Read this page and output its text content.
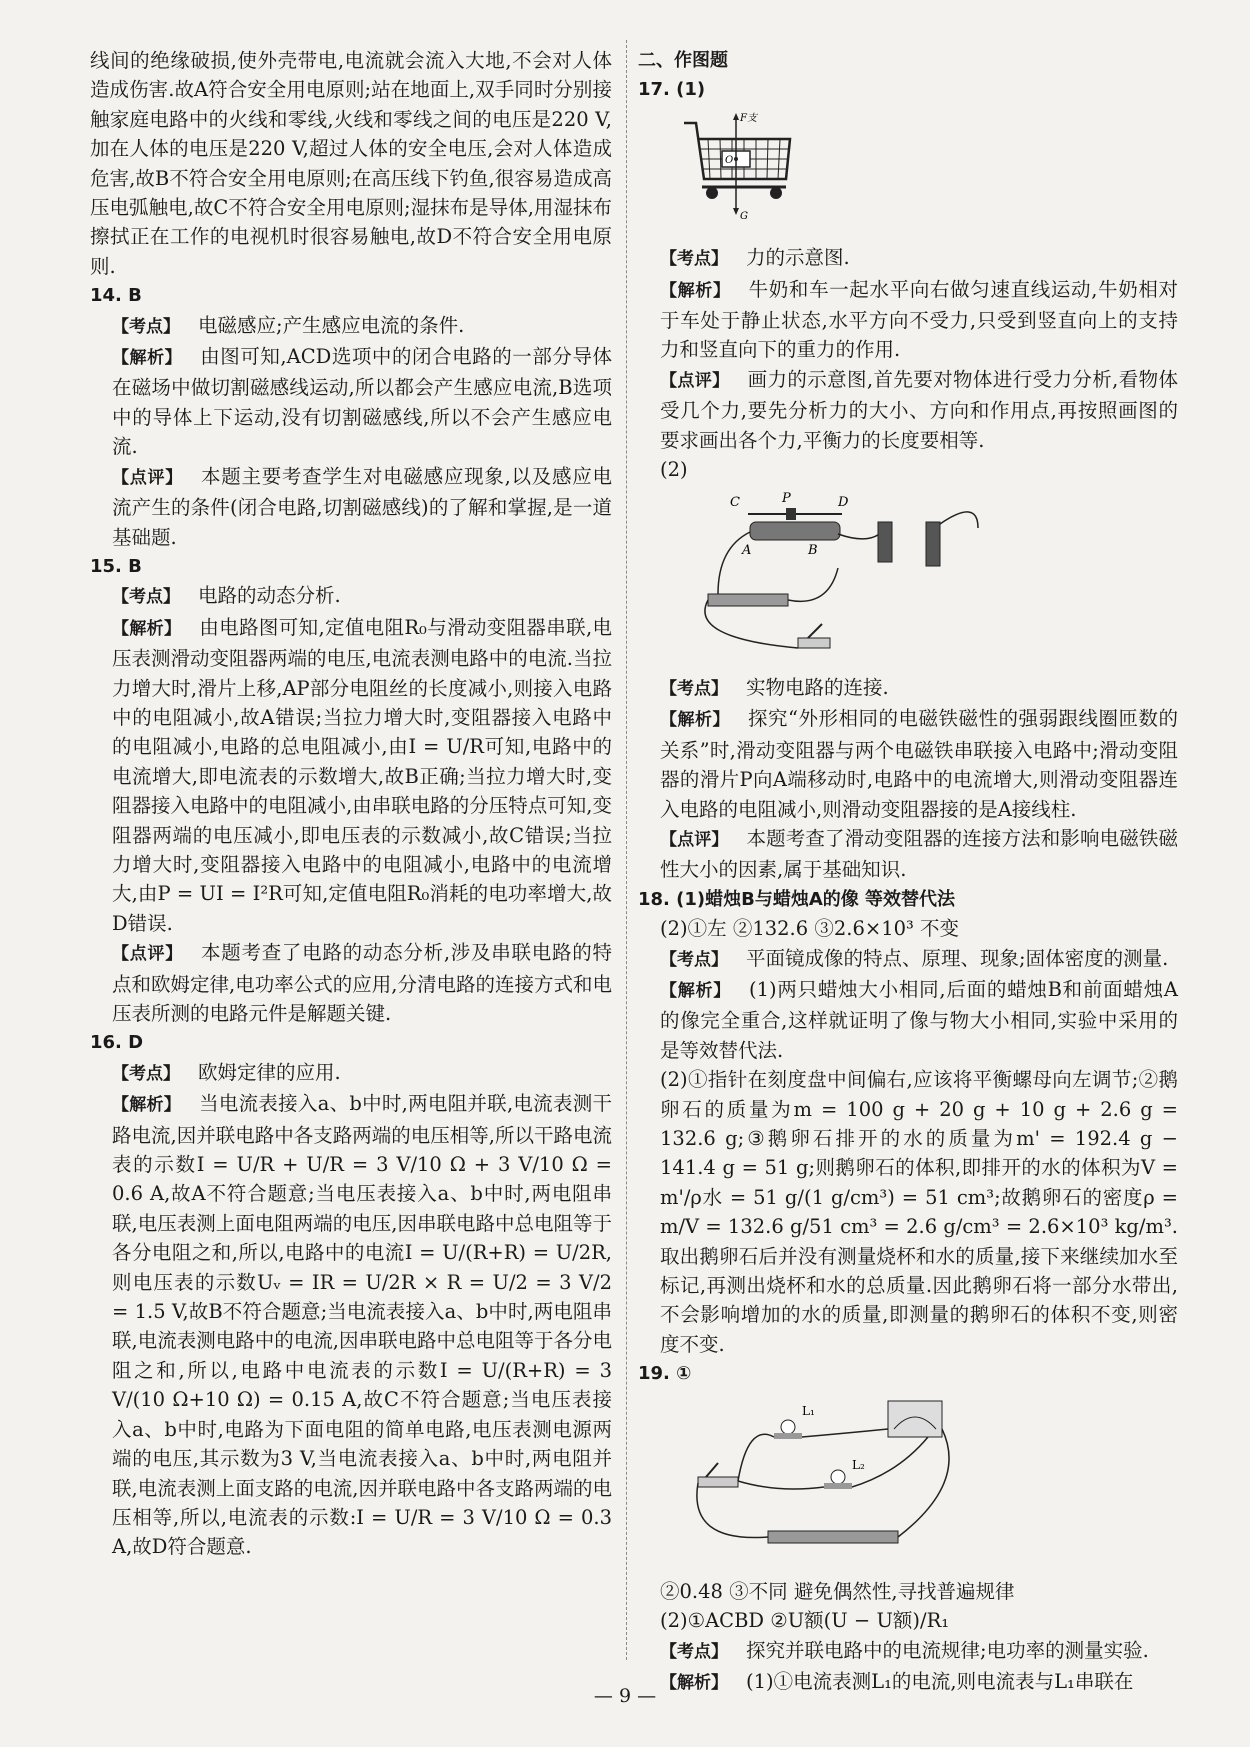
线间的绝缘破损,使外壳带电,电流就会流入大地,不会对人体造成伤害.故A符合安全用电原则;站在地面上,双手同时分别接触家庭电路中的火线和零线,火线和零线之间的电压是220 V,加在人体的电压是220 V,超过人体的安全电压,会对人体造成危害,故B不符合安全用电原则;在高压线下钓鱼,很容易造成高压电弧触电,故C不符合安全用电原则;湿抹布是导体,用湿抹布擦拭正在工作的电视机时很容易触电,故D不符合安全用电原则.

14. B

【考点】 电磁感应;产生感应电流的条件.

【解析】 由图可知,ACD选项中的闭合电路的一部分导体在磁场中做切割磁感线运动,所以都会产生感应电流,B选项中的导体上下运动,没有切割磁感线,所以不会产生感应电流.

【点评】 本题主要考查学生对电磁感应现象,以及感应电流产生的条件(闭合电路,切割磁感线)的了解和掌握,是一道基础题.

15. B

【考点】 电路的动态分析.

【解析】 由电路图可知,定值电阻R₀与滑动变阻器串联,电压表测滑动变阻器两端的电压,电流表测电路中的电流.当拉力增大时,滑片上移,AP部分电阻丝的长度减小,则接入电路中的电阻减小,故A错误;当拉力增大时,变阻器接入电路中的电阻减小,电路的总电阻减小,由I = U/R可知,电路中的电流增大,即电流表的示数增大,故B正确;当拉力增大时,变阻器接入电路中的电阻减小,由串联电路的分压特点可知,变阻器两端的电压减小,即电压表的示数减小,故C错误;当拉力增大时,变阻器接入电路中的电阻减小,电路中的电流增大,由P = UI = I²R可知,定值电阻R₀消耗的电功率增大,故D错误.

【点评】 本题考查了电路的动态分析,涉及串联电路的特点和欧姆定律,电功率公式的应用,分清电路的连接方式和电压表所测的电路元件是解题关键.

16. D

【考点】 欧姆定律的应用.

【解析】 当电流表接入a、b中时,两电阻并联,电流表测干路电流,因并联电路中各支路两端的电压相等,所以干路电流表的示数I = U/R + U/R = 3 V/10 Ω + 3 V/10 Ω = 0.6 A,故A不符合题意;当电压表接入a、b中时,两电阻串联,电压表测上面电阻两端的电压,因串联电路中总电阻等于各分电阻之和,所以,电路中的电流I = U/(R+R) = U/2R,则电压表的示数Uᵥ = IR = U/2R × R = U/2 = 3 V/2 = 1.5 V,故B不符合题意;当电流表接入a、b中时,两电阻串联,电流表测电路中的电流,因串联电路中总电阻等于各分电阻之和,所以,电路中电流表的示数I = U/(R+R) = 3 V/(10 Ω+10 Ω) = 0.15 A,故C不符合题意;当电压表接入a、b中时,电路为下面电阻的简单电路,电压表测电源两端的电压,其示数为3 V,当电流表接入a、b中时,两电阻并联,电流表测上面支路的电流,因并联电路中各支路两端的电压相等,所以,电流表的示数:I = U/R = 3 V/10 Ω = 0.3 A,故D符合题意.

二、作图题

17. (1)

F支
O
G

【考点】 力的示意图.

【解析】 牛奶和车一起水平向右做匀速直线运动,牛奶相对于车处于静止状态,水平方向不受力,只受到竖直向上的支持力和竖直向下的重力的作用.

【点评】 画力的示意图,首先要对物体进行受力分析,看物体受几个力,要先分析力的大小、方向和作用点,再按照画图的要求画出各个力,平衡力的长度要相等.

(2)

C	P	D
A	B

【考点】 实物电路的连接.

【解析】 探究“外形相同的电磁铁磁性的强弱跟线圈匝数的关系”时,滑动变阻器与两个电磁铁串联接入电路中;滑动变阻器的滑片P向A端移动时,电路中的电流增大,则滑动变阻器连入电路的电阻减小,则滑动变阻器接的是A接线柱.

【点评】 本题考查了滑动变阻器的连接方法和影响电磁铁磁性大小的因素,属于基础知识.

18. (1)蜡烛B与蜡烛A的像 等效替代法

(2)①左 ②132.6 ③2.6×10³ 不变

【考点】 平面镜成像的特点、原理、现象;固体密度的测量.

【解析】 (1)两只蜡烛大小相同,后面的蜡烛B和前面蜡烛A的像完全重合,这样就证明了像与物大小相同,实验中采用的是等效替代法.

(2)①指针在刻度盘中间偏右,应该将平衡螺母向左调节;②鹅卵石的质量为m = 100 g + 20 g + 10 g + 2.6 g = 132.6 g;③鹅卵石排开的水的质量为m' = 192.4 g − 141.4 g = 51 g;则鹅卵石的体积,即排开的水的体积为V = m'/ρ水 = 51 g/(1 g/cm³) = 51 cm³;故鹅卵石的密度ρ = m/V = 132.6 g/51 cm³ = 2.6 g/cm³ = 2.6×10³ kg/m³.取出鹅卵石后并没有测量烧杯和水的质量,接下来继续加水至标记,再测出烧杯和水的总质量.因此鹅卵石将一部分水带出,不会影响增加的水的质量,即测量的鹅卵石的体积不变,则密度不变.

19. ①

L₁
L₂

②0.48 ③不同 避免偶然性,寻找普遍规律

(2)①ACBD ②U额(U − U额)/R₁

【考点】 探究并联电路中的电流规律;电功率的测量实验.

【解析】 (1)①电流表测L₁的电流,则电流表与L₁串联在

— 9 —
